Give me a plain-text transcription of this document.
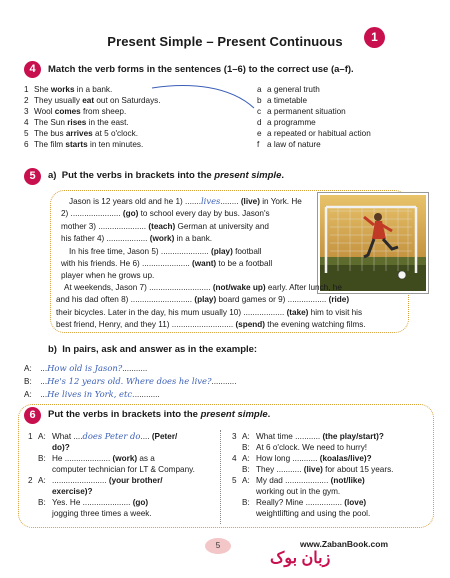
Present Simple – Present Continuous	1
4	Match the verb forms in the sentences (1–6) to the correct use (a–f).
1 She works in a bank.
2 They usually eat out on Saturdays.
3 Wool comes from sheep.
4 The Sun rises in the east.
5 The bus arrives at 5 o'clock.
6 The film starts in ten minutes.
a a general truth
b a timetable
c a permanent situation
d a programme
e a repeated or habitual action
f a law of nature
5	a) Put the verbs in brackets into the present simple.
Jason is 12 years old and he 1) .......lives........ (live) in York. He
2) ...................... (go) to school every day by bus. Jason's
mother 3) ..................... (teach) German at university and
his father 4) .................. (work) in a bank.
In his free time, Jason 5) ..................... (play) football
with his friends. He 6) ..................... (want) to be a football
player when he grows up.
At weekends, Jason 7) ........................... (not/wake up) early. After lunch, he
and his dad often 8) ........................... (play) board games or 9) ................. (ride)
their bicycles. Later in the day, his mum usually 10) .................. (take) him to visit his
best friend, Henry, and they 11) ........................... (spend) the evening watching films.
b) In pairs, ask and answer as in the example:
A: ...How old is Jason?...........
B: ...He's 12 years old. Where does he live?...........
A: ...He lives in York, etc............
6	Put the verbs in brackets into the present simple.
1 A: What ....does Peter do.... (Peter/
do)?
B: He .................... (work) as a
computer technician for LT & Company.
2 A: ........................ (your brother/
exercise)?
B: Yes. He ..................... (go)
jogging three times a week.
3 A: What time ........... (the play/start)?
B: At 6 o'clock. We need to hurry!
4 A: How long ........... (koalas/live)?
B: They ........... (live) for about 15 years.
5 A: My dad ................... (not/like)
working out in the gym.
B: Really? Mine ................ (love)
weightlifting and using the pool.
5	www.ZabanBook.com
زبان بوک
